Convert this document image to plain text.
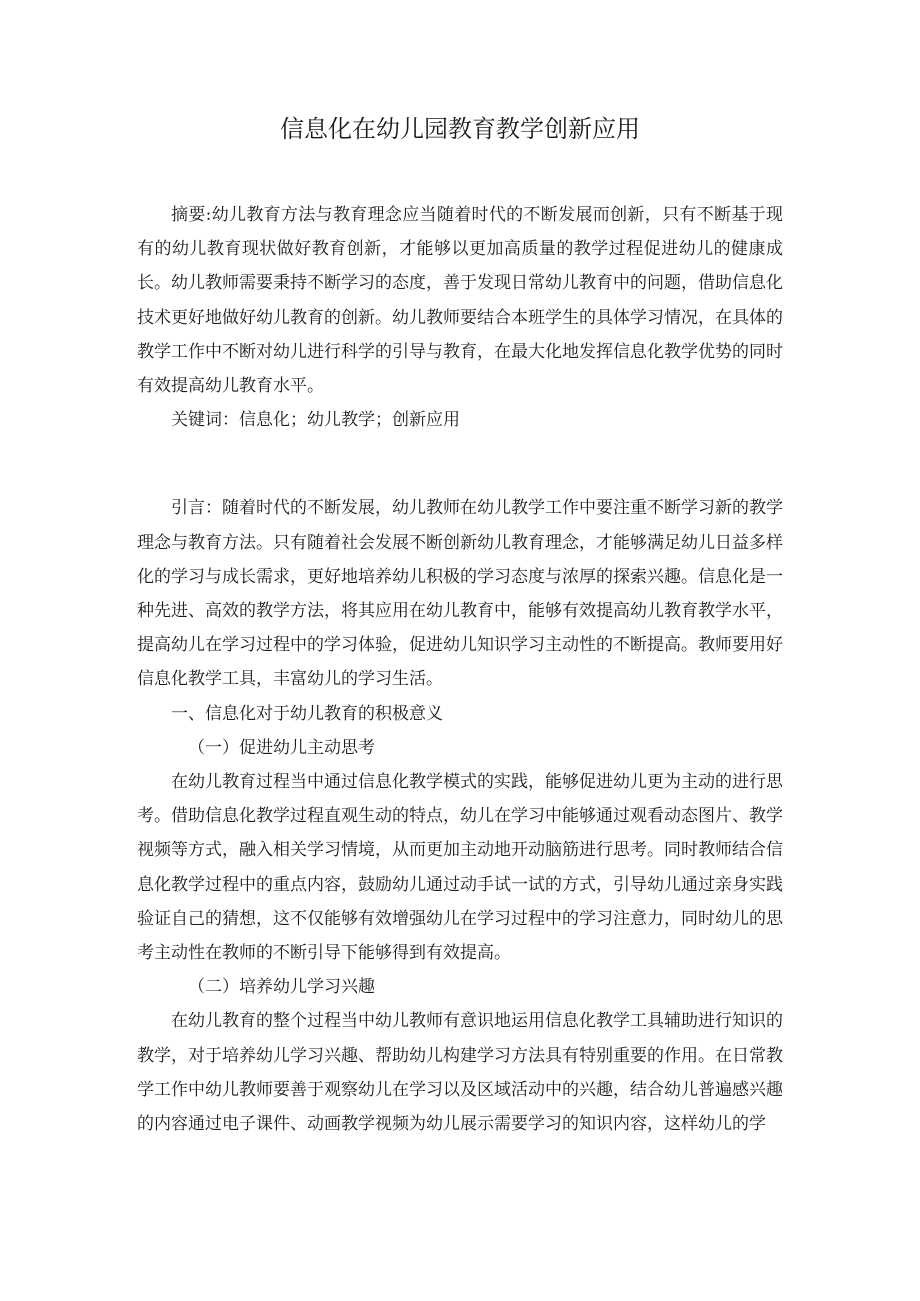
信息化在幼儿园教育教学创新应用

摘要:幼儿教育方法与教育理念应当随着时代的不断发展而创新，只有不断基于现有的幼儿教育现状做好教育创新，才能够以更加高质量的教学过程促进幼儿的健康成长。幼儿教师需要秉持不断学习的态度，善于发现日常幼儿教育中的问题，借助信息化技术更好地做好幼儿教育的创新。幼儿教师要结合本班学生的具体学习情况，在具体的教学工作中不断对幼儿进行科学的引导与教育，在最大化地发挥信息化教学优势的同时有效提高幼儿教育水平。

关键词：信息化；幼儿教学；创新应用

引言：随着时代的不断发展，幼儿教师在幼儿教学工作中要注重不断学习新的教学理念与教育方法。只有随着社会发展不断创新幼儿教育理念，才能够满足幼儿日益多样化的学习与成长需求，更好地培养幼儿积极的学习态度与浓厚的探索兴趣。信息化是一种先进、高效的教学方法，将其应用在幼儿教育中，能够有效提高幼儿教育教学水平，提高幼儿在学习过程中的学习体验，促进幼儿知识学习主动性的不断提高。教师要用好信息化教学工具，丰富幼儿的学习生活。

一、信息化对于幼儿教育的积极意义

（一）促进幼儿主动思考

在幼儿教育过程当中通过信息化教学模式的实践，能够促进幼儿更为主动的进行思考。借助信息化教学过程直观生动的特点，幼儿在学习中能够通过观看动态图片、教学视频等方式，融入相关学习情境，从而更加主动地开动脑筋进行思考。同时教师结合信息化教学过程中的重点内容，鼓励幼儿通过动手试一试的方式，引导幼儿通过亲身实践验证自己的猜想，这不仅能够有效增强幼儿在学习过程中的学习注意力，同时幼儿的思考主动性在教师的不断引导下能够得到有效提高。

（二）培养幼儿学习兴趣

在幼儿教育的整个过程当中幼儿教师有意识地运用信息化教学工具辅助进行知识的教学，对于培养幼儿学习兴趣、帮助幼儿构建学习方法具有特别重要的作用。在日常教学工作中幼儿教师要善于观察幼儿在学习以及区域活动中的兴趣，结合幼儿普遍感兴趣的内容通过电子课件、动画教学视频为幼儿展示需要学习的知识内容，这样幼儿的学
